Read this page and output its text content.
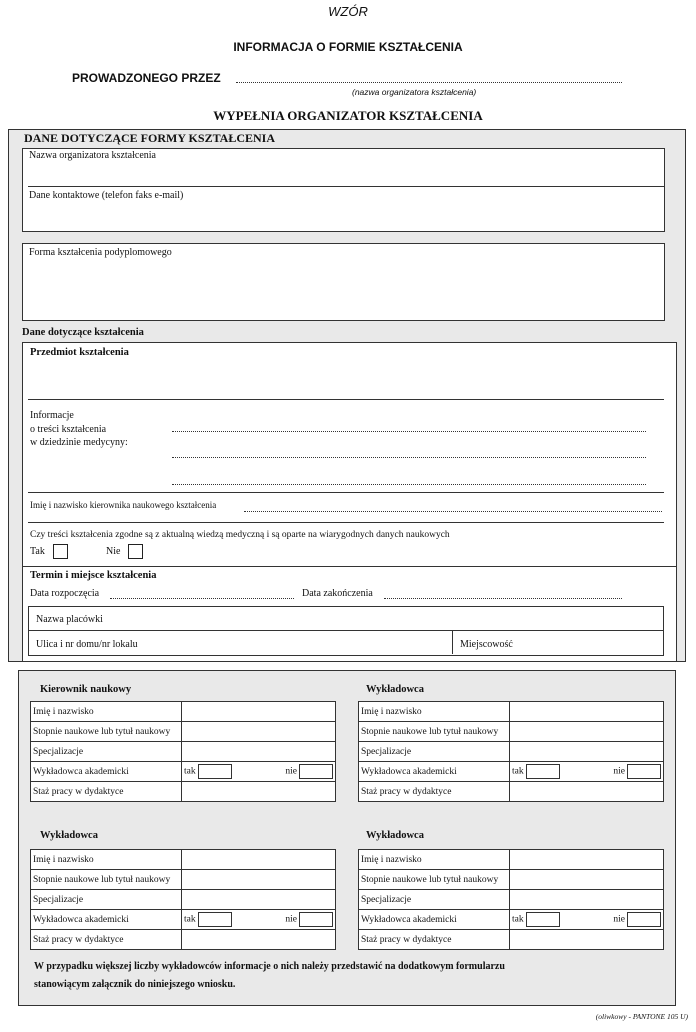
WZÓR
INFORMACJA O FORMIE KSZTAŁCENIA
PROWADZONEGO PRZEZ
(nazwa organizatora kształcenia)
WYPEŁNIA ORGANIZATOR KSZTAŁCENIA
DANE DOTYCZĄCE FORMY KSZTAŁCENIA
Nazwa organizatora kształcenia
Dane kontaktowe (telefon faks e-mail)
Forma kształcenia podyplomowego
Dane dotyczące kształcenia
Przedmiot kształcenia
Informacje
o treści kształcenia
w dziedzinie medycyny:
Imię i nazwisko kierownika naukowego kształcenia
Czy treści kształcenia zgodne są z aktualną wiedzą medyczną i są oparte na wiarygodnych danych naukowych
Tak	Nie
Termin i miejsce kształcenia
Data rozpoczęcia	Data zakończenia
Nazwa placówki
Ulica i nr domu/nr lokalu	Miejscowość
Kierownik naukowy
Imię i nazwisko		
Stopnie naukowe lub tytuł naukowy		
Specjalizacje		
Wykładowca akademicki	tak	nie
Staż pracy w dydaktyce		
Wykładowca
Imię i nazwisko		
Stopnie naukowe lub tytuł naukowy		
Specjalizacje		
Wykładowca akademicki	tak	nie
Staż pracy w dydaktyce		
Wykładowca
Imię i nazwisko		
Stopnie naukowe lub tytuł naukowy		
Specjalizacje		
Wykładowca akademicki	tak	nie
Staż pracy w dydaktyce		
Wykładowca
Imię i nazwisko		
Stopnie naukowe lub tytuł naukowy		
Specjalizacje		
Wykładowca akademicki	tak	nie
Staż pracy w dydaktyce		
W przypadku większej liczby wykładowców informacje o nich należy przedstawić na dodatkowym formularzu
stanowiącym załącznik do niniejszego wniosku.
(oliwkowy - PANTONE 105 U)
